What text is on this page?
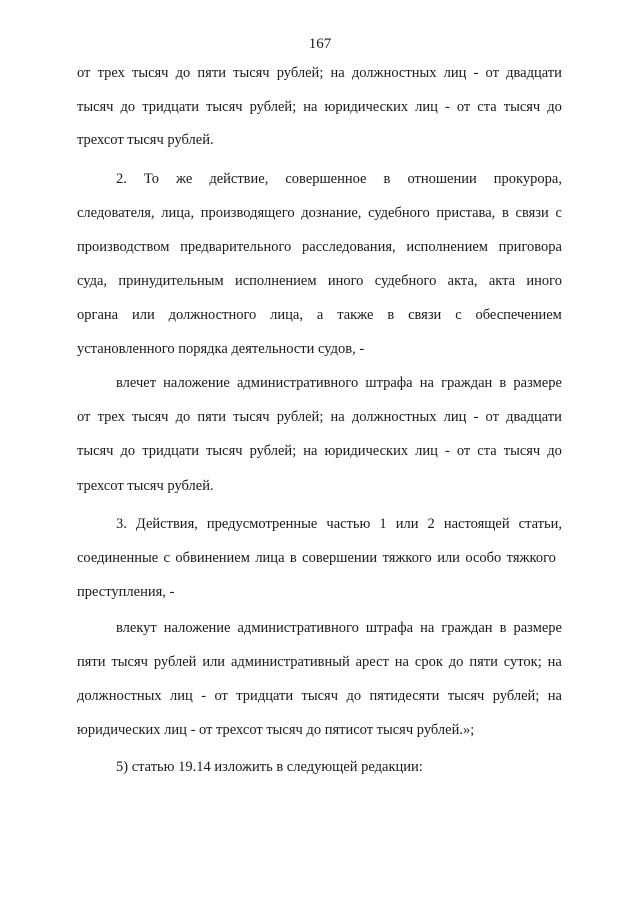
167
от трех тысяч до пяти тысяч рублей; на должностных лиц - от двадцати
тысяч до тридцати тысяч рублей; на юридических лиц - от ста тысяч до
трехсот тысяч рублей.
2. То же действие, совершенное в отношении прокурора,
следователя, лица, производящего дознание, судебного пристава, в связи с
производством предварительного расследования, исполнением приговора
суда, принудительным исполнением иного судебного акта, акта иного
органа или должностного лица, а также в связи с обеспечением
установленного порядка деятельности судов, -
влечет наложение административного штрафа на граждан в размере
от трех тысяч до пяти тысяч рублей; на должностных лиц - от двадцати
тысяч до тридцати тысяч рублей; на юридических лиц - от ста тысяч до
трехсот тысяч рублей.
3. Действия, предусмотренные частью 1 или 2 настоящей статьи,
соединенные с обвинением лица в совершении тяжкого или особо тяжкого
преступления, -
влекут наложение административного штрафа на граждан в размере
пяти тысяч рублей или административный арест на срок до пяти суток; на
должностных лиц - от тридцати тысяч до пятидесяти тысяч рублей; на
юридических лиц - от трехсот тысяч до пятисот тысяч рублей.»;
5) статью 19.14 изложить в следующей редакции:
